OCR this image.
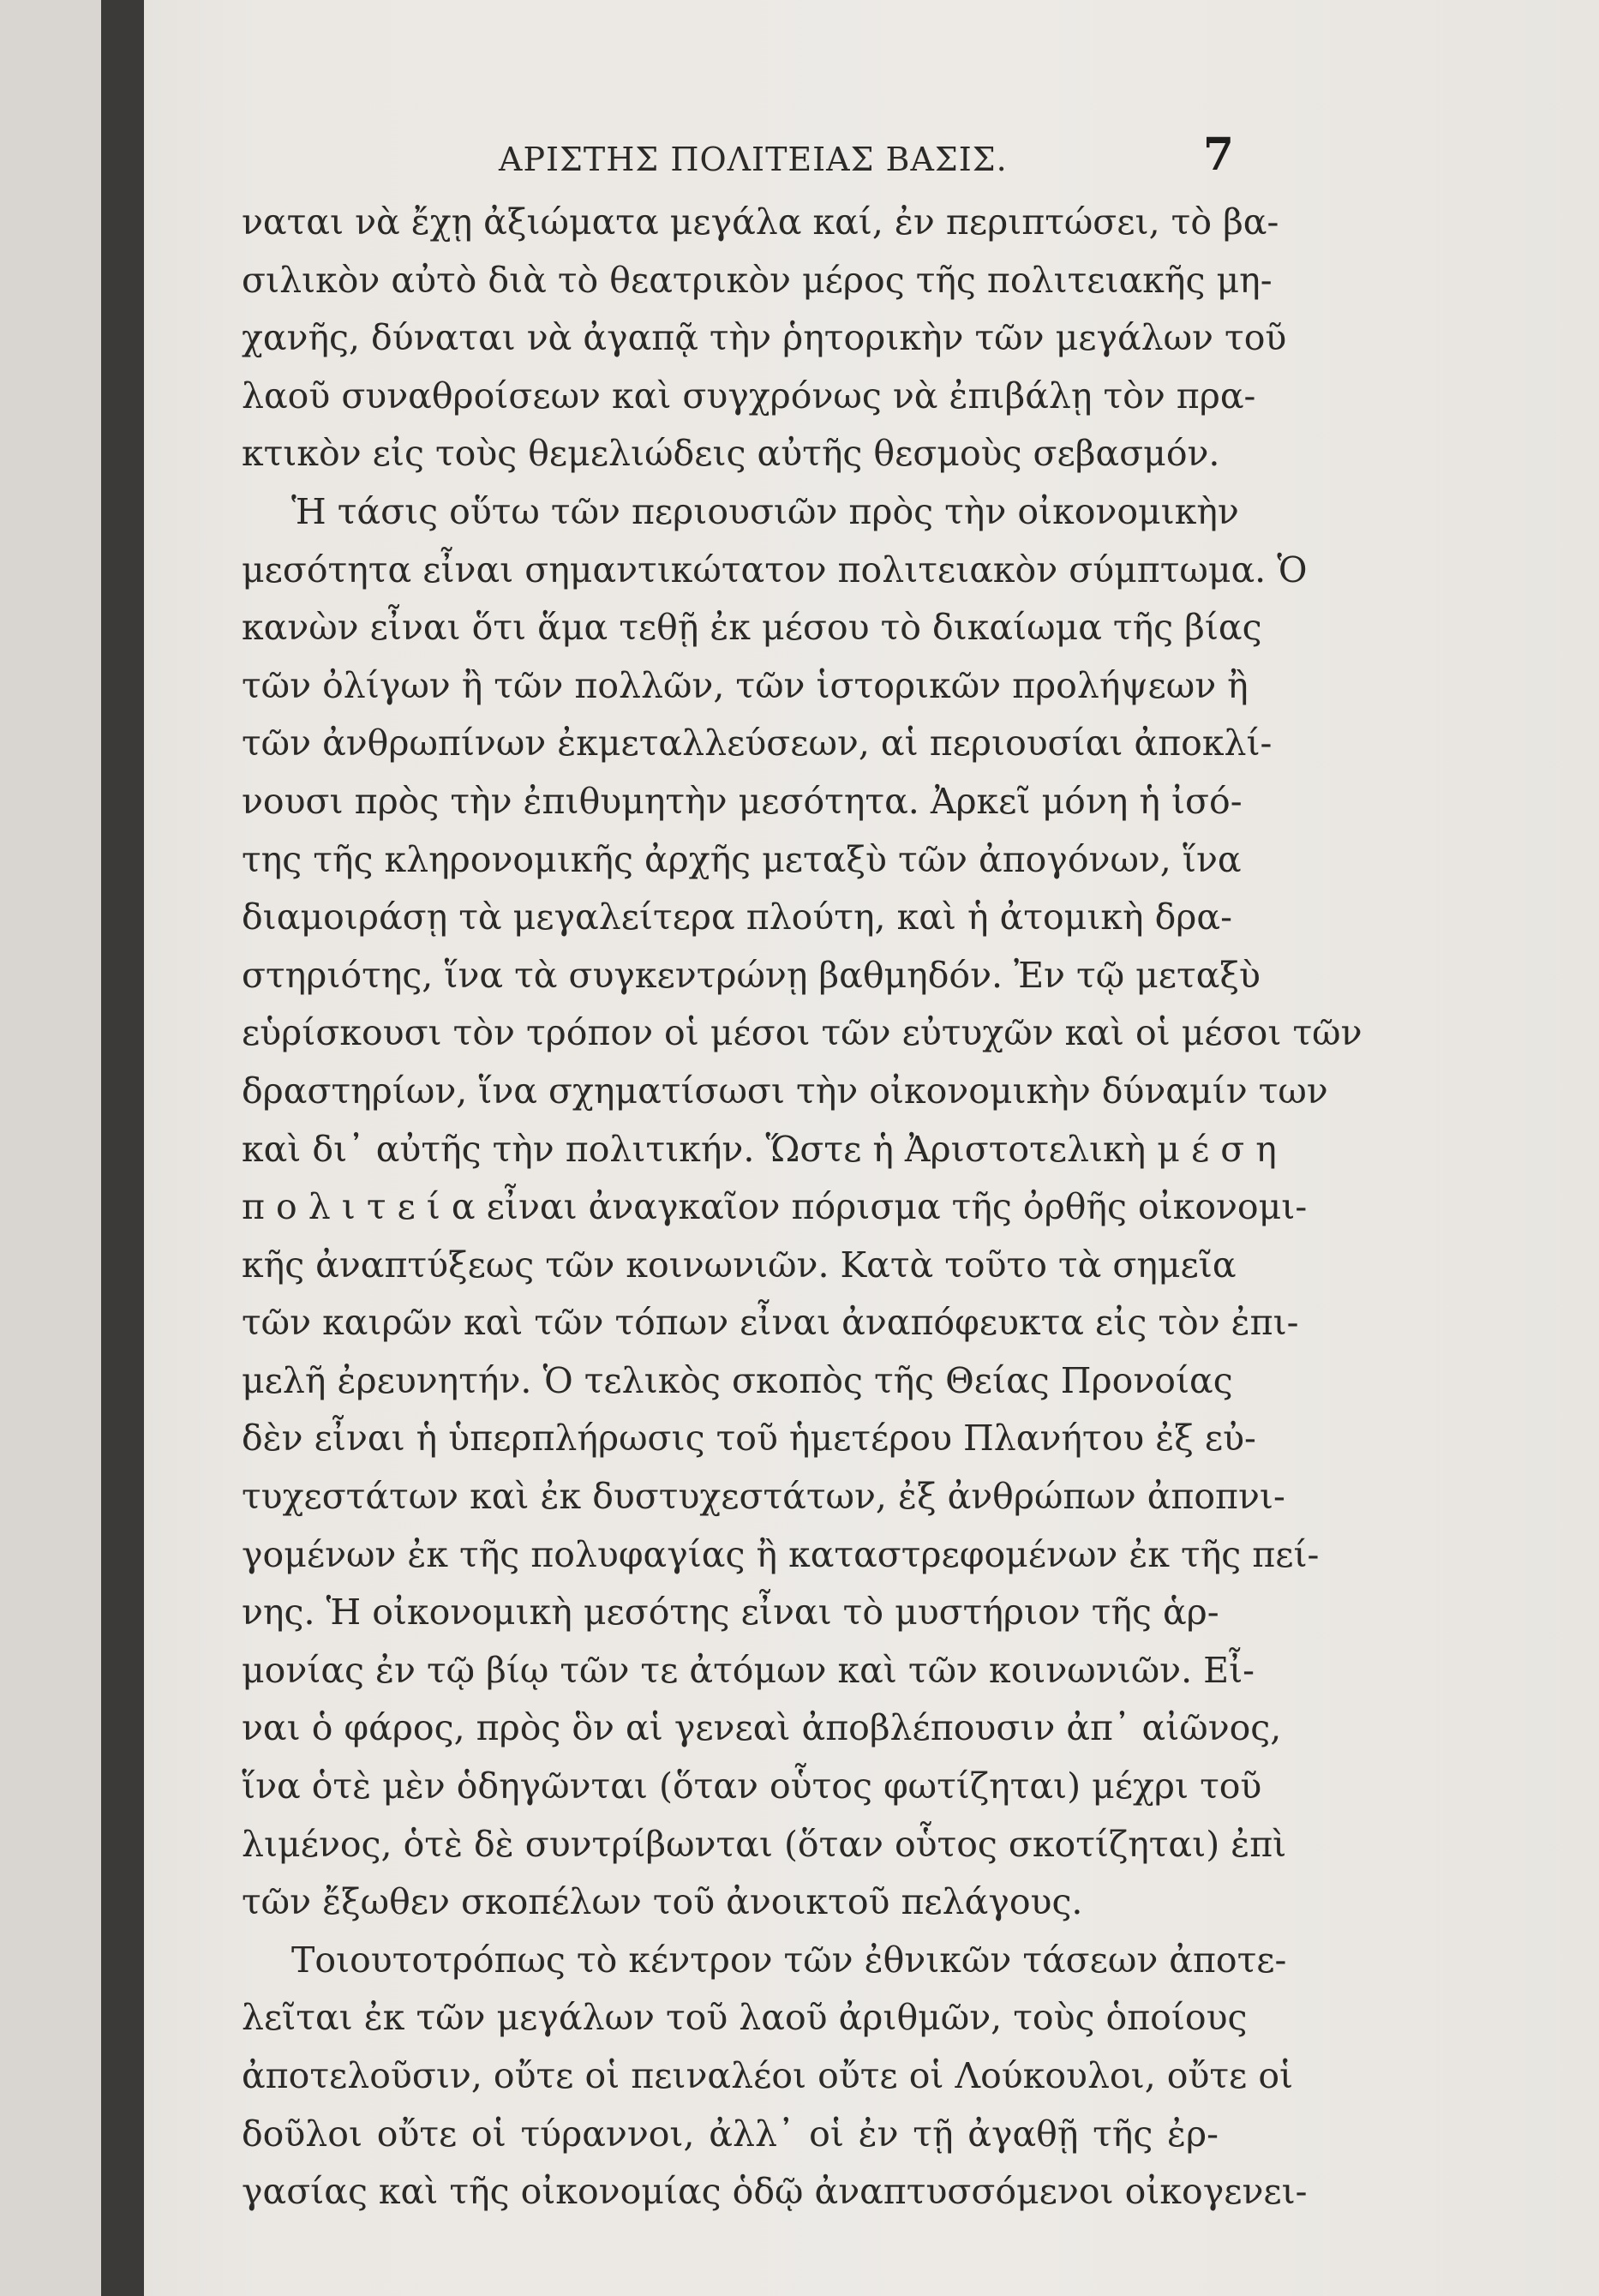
ΑΡΙΣΤΗΣ ΠΟΛΙΤΕΙΑΣ ΒΑΣΙΣ.	7
ναται νὰ ἔχῃ ἀξιώματα μεγάλα καί, ἐν περιπτώσει, τὸ βα-
σιλικὸν αὐτὸ διὰ τὸ θεατρικὸν μέρος τῆς πολιτειακῆς μη-
χανῆς, δύναται νὰ ἀγαπᾷ τὴν ῥητορικὴν τῶν μεγάλων τοῦ
λαοῦ συναθροίσεων καὶ συγχρόνως νὰ ἐπιβάλῃ τὸν πρα-
κτικὸν εἰς τοὺς θεμελιώδεις αὐτῆς θεσμοὺς σεβασμόν.
Ἡ τάσις οὕτω τῶν περιουσιῶν πρὸς τὴν οἰκονομικὴν
μεσότητα εἶναι σημαντικώτατον πολιτειακὸν σύμπτωμα. Ὁ
κανὼν εἶναι ὅτι ἅμα τεθῇ ἐκ μέσου τὸ δικαίωμα τῆς βίας
τῶν ὀλίγων ἢ τῶν πολλῶν, τῶν ἱστορικῶν προλήψεων ἢ
τῶν ἀνθρωπίνων ἐκμεταλλεύσεων, αἱ περιουσίαι ἀποκλί-
νουσι πρὸς τὴν ἐπιθυμητὴν μεσότητα. Ἀρκεῖ μόνη ἡ ἰσό-
της τῆς κληρονομικῆς ἀρχῆς μεταξὺ τῶν ἀπογόνων, ἵνα
διαμοιράσῃ τὰ μεγαλείτερα πλούτη, καὶ ἡ ἀτομικὴ δρα-
στηριότης, ἵνα τὰ συγκεντρώνῃ βαθμηδόν. Ἐν τῷ μεταξὺ
εὑρίσκουσι τὸν τρόπον οἱ μέσοι τῶν εὐτυχῶν καὶ οἱ μέσοι τῶν
δραστηρίων, ἵνα σχηματίσωσι τὴν οἰκονομικὴν δύναμίν των
καὶ δι᾽ αὐτῆς τὴν πολιτικήν. Ὥστε ἡ Ἀριστοτελικὴ μ έ σ η
π ο λ ι τ ε ί α εἶναι ἀναγκαῖον πόρισμα τῆς ὀρθῆς οἰκονομι-
κῆς ἀναπτύξεως τῶν κοινωνιῶν. Κατὰ τοῦτο τὰ σημεῖα
τῶν καιρῶν καὶ τῶν τόπων εἶναι ἀναπόφευκτα εἰς τὸν ἐπι-
μελῆ ἐρευνητήν. Ὁ τελικὸς σκοπὸς τῆς Θείας Προνοίας
δὲν εἶναι ἡ ὑπερπλήρωσις τοῦ ἡμετέρου Πλανήτου ἐξ εὐ-
τυχεστάτων καὶ ἐκ δυστυχεστάτων, ἐξ ἀνθρώπων ἀποπνι-
γομένων ἐκ τῆς πολυφαγίας ἢ καταστρεφομένων ἐκ τῆς πεί-
νης. Ἡ οἰκονομικὴ μεσότης εἶναι τὸ μυστήριον τῆς ἁρ-
μονίας ἐν τῷ βίῳ τῶν τε ἀτόμων καὶ τῶν κοινωνιῶν. Εἶ-
ναι ὁ φάρος, πρὸς ὃν αἱ γενεαὶ ἀποβλέπουσιν ἀπ᾽ αἰῶνος,
ἵνα ὁτὲ μὲν ὁδηγῶνται (ὅταν οὗτος φωτίζηται) μέχρι τοῦ
λιμένος, ὁτὲ δὲ συντρίβωνται (ὅταν οὗτος σκοτίζηται) ἐπὶ
τῶν ἔξωθεν σκοπέλων τοῦ ἀνοικτοῦ πελάγους.
Τοιουτοτρόπως τὸ κέντρον τῶν ἐθνικῶν τάσεων ἀποτε-
λεῖται ἐκ τῶν μεγάλων τοῦ λαοῦ ἀριθμῶν, τοὺς ὁποίους
ἀποτελοῦσιν, οὔτε οἱ πειναλέοι οὔτε οἱ Λούκουλοι, οὔτε οἱ
δοῦλοι οὔτε οἱ τύραννοι, ἀλλ᾽ οἱ ἐν τῇ ἀγαθῇ τῆς ἐρ-
γασίας καὶ τῆς οἰκονομίας ὁδῷ ἀναπτυσσόμενοι οἰκογενει-
